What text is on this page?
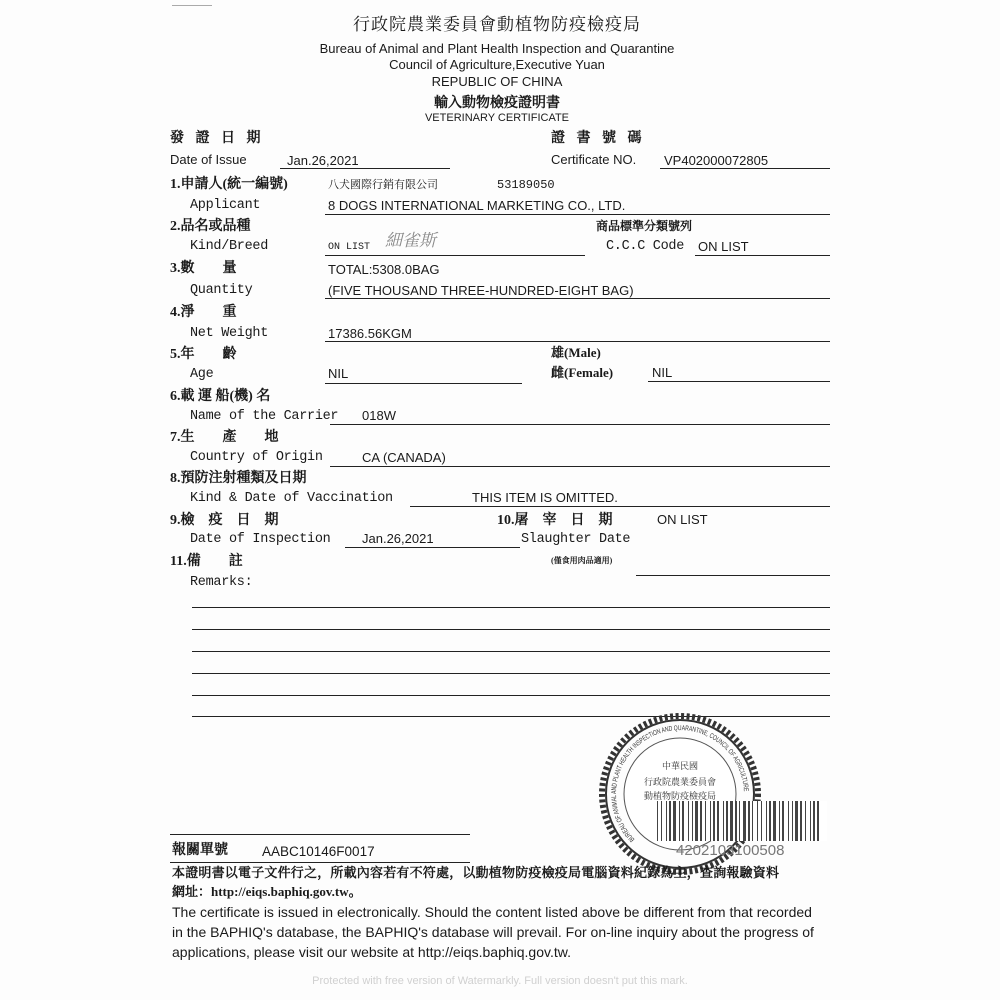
行政院農業委員會動植物防疫檢疫局
Bureau of Animal and Plant Health Inspection and Quarantine
Council of Agriculture,Executive Yuan
REPUBLIC OF CHINA
輸入動物檢疫證明書
VETERINARY CERTIFICATE
發 證 日 期
Date of Issue	Jan.26,2021
證 書 號 碼
Certificate NO. VP402000072805
1.申請人(統一編號)	八犬國際行銷有限公司	53189050
Applicant	8 DOGS INTERNATIONAL MARKETING CO., LTD.
2.品名或品種	商品標準分類號列
Kind/Breed	ON LIST 細雀斯	C.C.C Code ON LIST
3.數　　量	TOTAL:5308.0BAG
Quantity	(FIVE THOUSAND THREE-HUNDRED-EIGHT BAG)
4.淨　　重
Net Weight	17386.56KGM
5.年　　齡	雄(Male)
Age	NIL	雌(Female)	NIL
6.載 運 船(機) 名
Name of the Carrier 018W
7.生　　產　　地
Country of Origin	CA (CANADA)
8.預防注射種類及日期
Kind & Date of Vaccination	THIS ITEM IS OMITTED.
9.檢　疫　日　期	10.屠　宰　日　期	ON LIST
Date of Inspection Jan.26,2021	Slaughter Date
11.備　　註	(僅食用肉品適用)
Remarks:
BUREAU OF ANIMAL AND PLANT HEALTH INSPECTION AND QUARANTINE, COUNCIL OF AGRICULTURE
中華民國
行政院農業委員會
動植物防疫檢疫局
4202103100508
報關單號	AABC10146F0017
本證明書以電子文件行之，所載內容若有不符處，以動植物防疫檢疫局電腦資料紀錄為主，查詢報驗資料
網址：http://eiqs.baphiq.gov.tw。
The certificate is issued in electronically. Should the content listed above be different from that recorded
in the BAPHIQ's database, the BAPHIQ's database will prevail. For on-line inquiry about the progress of
applications, please visit our website at http://eiqs.baphiq.gov.tw.
Protected with free version of Watermarkly. Full version doesn't put this mark.
